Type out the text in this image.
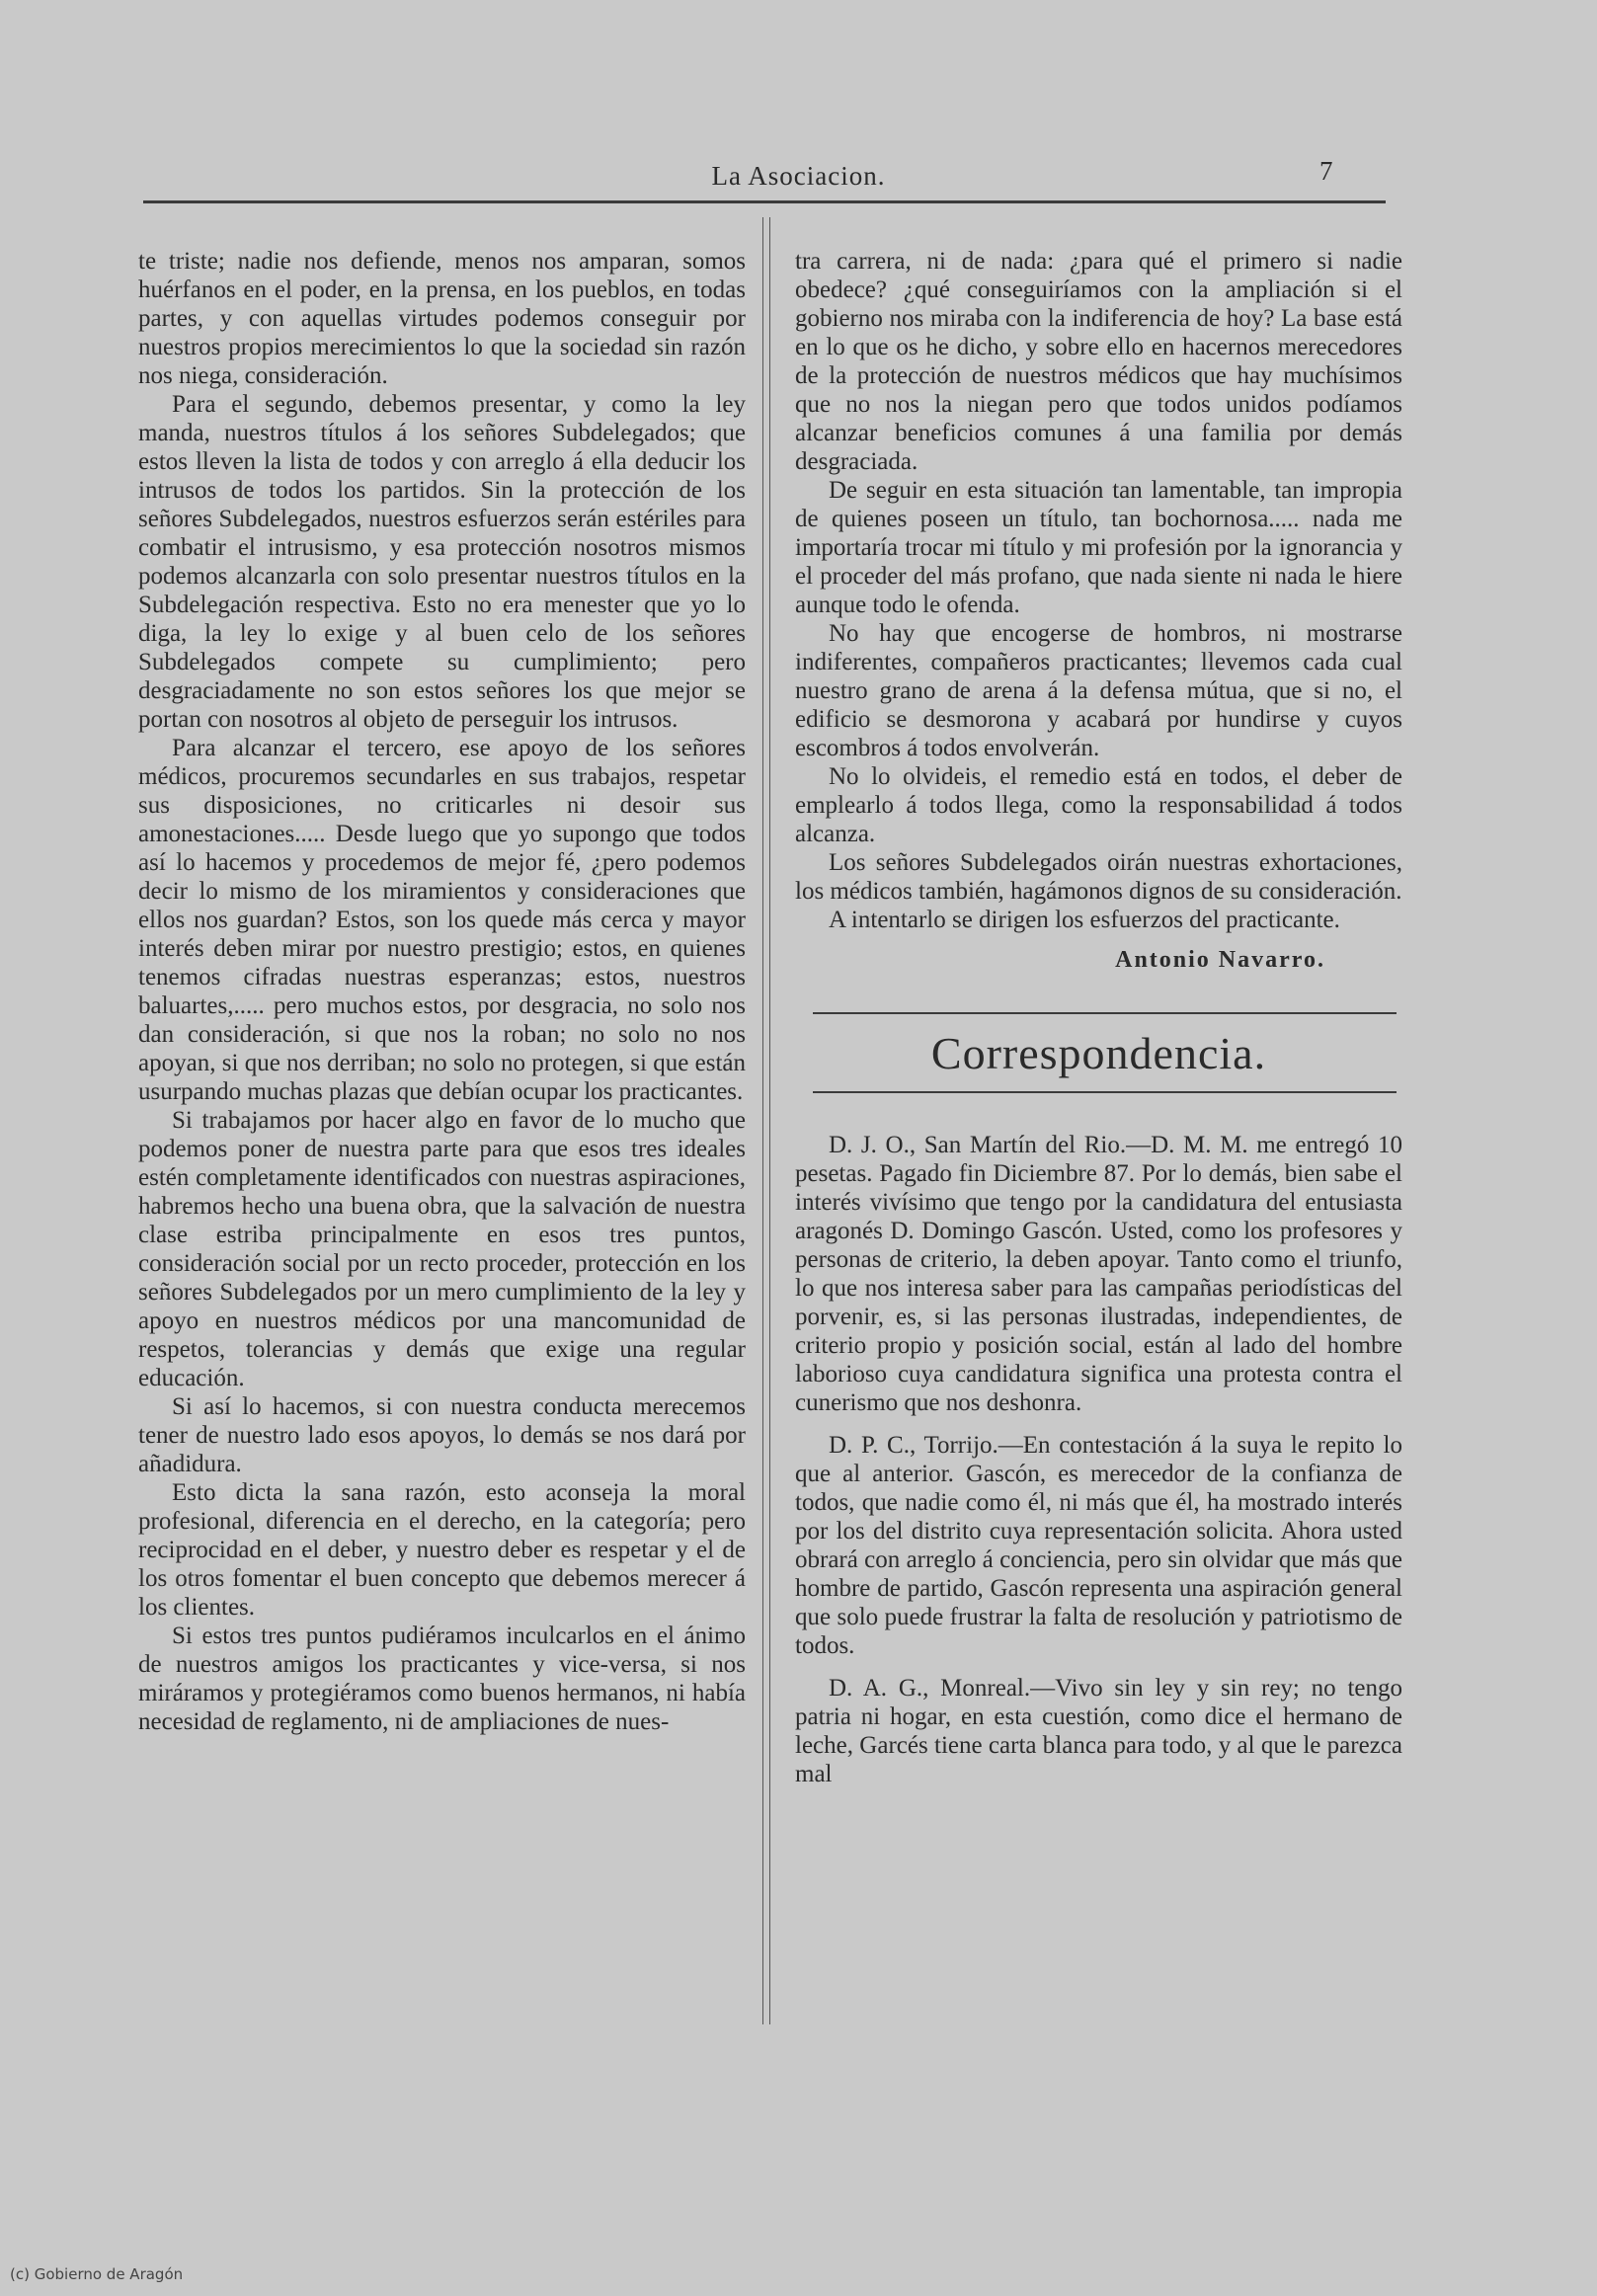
La Asociacion.	7

te triste; nadie nos defiende, menos nos amparan, somos huérfanos en el poder, en la prensa, en los pueblos, en todas partes, y con aquellas virtudes podemos conseguir por nuestros propios merecimientos lo que la sociedad sin razón nos niega, consideración.

Para el segundo, debemos presentar, y como la ley manda, nuestros títulos á los señores Subdelegados; que estos lleven la lista de todos y con arreglo á ella deducir los intrusos de todos los partidos. Sin la protección de los señores Subdelegados, nuestros esfuerzos serán estériles para combatir el intrusismo, y esa protección nosotros mismos podemos alcanzarla con solo presentar nuestros títulos en la Subdelegación respectiva. Esto no era menester que yo lo diga, la ley lo exige y al buen celo de los señores Subdelegados compete su cumplimiento; pero desgraciadamente no son estos señores los que mejor se portan con nosotros al objeto de perseguir los intrusos.

Para alcanzar el tercero, ese apoyo de los señores médicos, procuremos secundarles en sus trabajos, respetar sus disposiciones, no criticarles ni desoir sus amonestaciones..... Desde luego que yo supongo que todos así lo hacemos y procedemos de mejor fé, ¿pero podemos decir lo mismo de los miramientos y consideraciones que ellos nos guardan? Estos, son los quede más cerca y mayor interés deben mirar por nuestro prestigio; estos, en quienes tenemos cifradas nuestras esperanzas; estos, nuestros baluartes,..... pero muchos estos, por desgracia, no solo nos dan consideración, si que nos la roban; no solo no nos apoyan, si que nos derriban; no solo no protegen, si que están usurpando muchas plazas que debían ocupar los practicantes.

Si trabajamos por hacer algo en favor de lo mucho que podemos poner de nuestra parte para que esos tres ideales estén completamente identificados con nuestras aspiraciones, habremos hecho una buena obra, que la salvación de nuestra clase estriba principalmente en esos tres puntos, consideración social por un recto proceder, protección en los señores Subdelegados por un mero cumplimiento de la ley y apoyo en nuestros médicos por una mancomunidad de respetos, tolerancias y demás que exige una regular educación.

Si así lo hacemos, si con nuestra conducta merecemos tener de nuestro lado esos apoyos, lo demás se nos dará por añadidura.

Esto dicta la sana razón, esto aconseja la moral profesional, diferencia en el derecho, en la categoría; pero reciprocidad en el deber, y nuestro deber es respetar y el de los otros fomentar el buen concepto que debemos merecer á los clientes.

Si estos tres puntos pudiéramos inculcarlos en el ánimo de nuestros amigos los practicantes y vice-versa, si nos miráramos y protegiéramos como buenos hermanos, ni había necesidad de reglamento, ni de ampliaciones de nues-

tra carrera, ni de nada: ¿para qué el primero si nadie obedece? ¿qué conseguiríamos con la ampliación si el gobierno nos miraba con la indiferencia de hoy? La base está en lo que os he dicho, y sobre ello en hacernos merecedores de la protección de nuestros médicos que hay muchísimos que no nos la niegan pero que todos unidos podíamos alcanzar beneficios comunes á una familia por demás desgraciada.

De seguir en esta situación tan lamentable, tan impropia de quienes poseen un título, tan bochornosa..... nada me importaría trocar mi título y mi profesión por la ignorancia y el proceder del más profano, que nada siente ni nada le hiere aunque todo le ofenda.

No hay que encogerse de hombros, ni mostrarse indiferentes, compañeros practicantes; llevemos cada cual nuestro grano de arena á la defensa mútua, que si no, el edificio se desmorona y acabará por hundirse y cuyos escombros á todos envolverán.

No lo olvideis, el remedio está en todos, el deber de emplearlo á todos llega, como la responsabilidad á todos alcanza.

Los señores Subdelegados oirán nuestras exhortaciones, los médicos también, hagámonos dignos de su consideración.

A intentarlo se dirigen los esfuerzos del practicante.

Antonio Navarro.
Correspondencia.

D. J. O., San Martín del Rio.—D. M. M. me entregó 10 pesetas. Pagado fin Diciembre 87. Por lo demás, bien sabe el interés vivísimo que tengo por la candidatura del entusiasta aragonés D. Domingo Gascón. Usted, como los profesores y personas de criterio, la deben apoyar. Tanto como el triunfo, lo que nos interesa saber para las campañas periodísticas del porvenir, es, si las personas ilustradas, independientes, de criterio propio y posición social, están al lado del hombre laborioso cuya candidatura significa una protesta contra el cunerismo que nos deshonra.

D. P. C., Torrijo.—En contestación á la suya le repito lo que al anterior. Gascón, es merecedor de la confianza de todos, que nadie como él, ni más que él, ha mostrado interés por los del distrito cuya representación solicita. Ahora usted obrará con arreglo á conciencia, pero sin olvidar que más que hombre de partido, Gascón representa una aspiración general que solo puede frustrar la falta de resolución y patriotismo de todos.

D. A. G., Monreal.—Vivo sin ley y sin rey; no tengo patria ni hogar, en esta cuestión, como dice el hermano de leche, Garcés tiene carta blanca para todo, y al que le parezca mal

(c) Gobierno de Aragón
